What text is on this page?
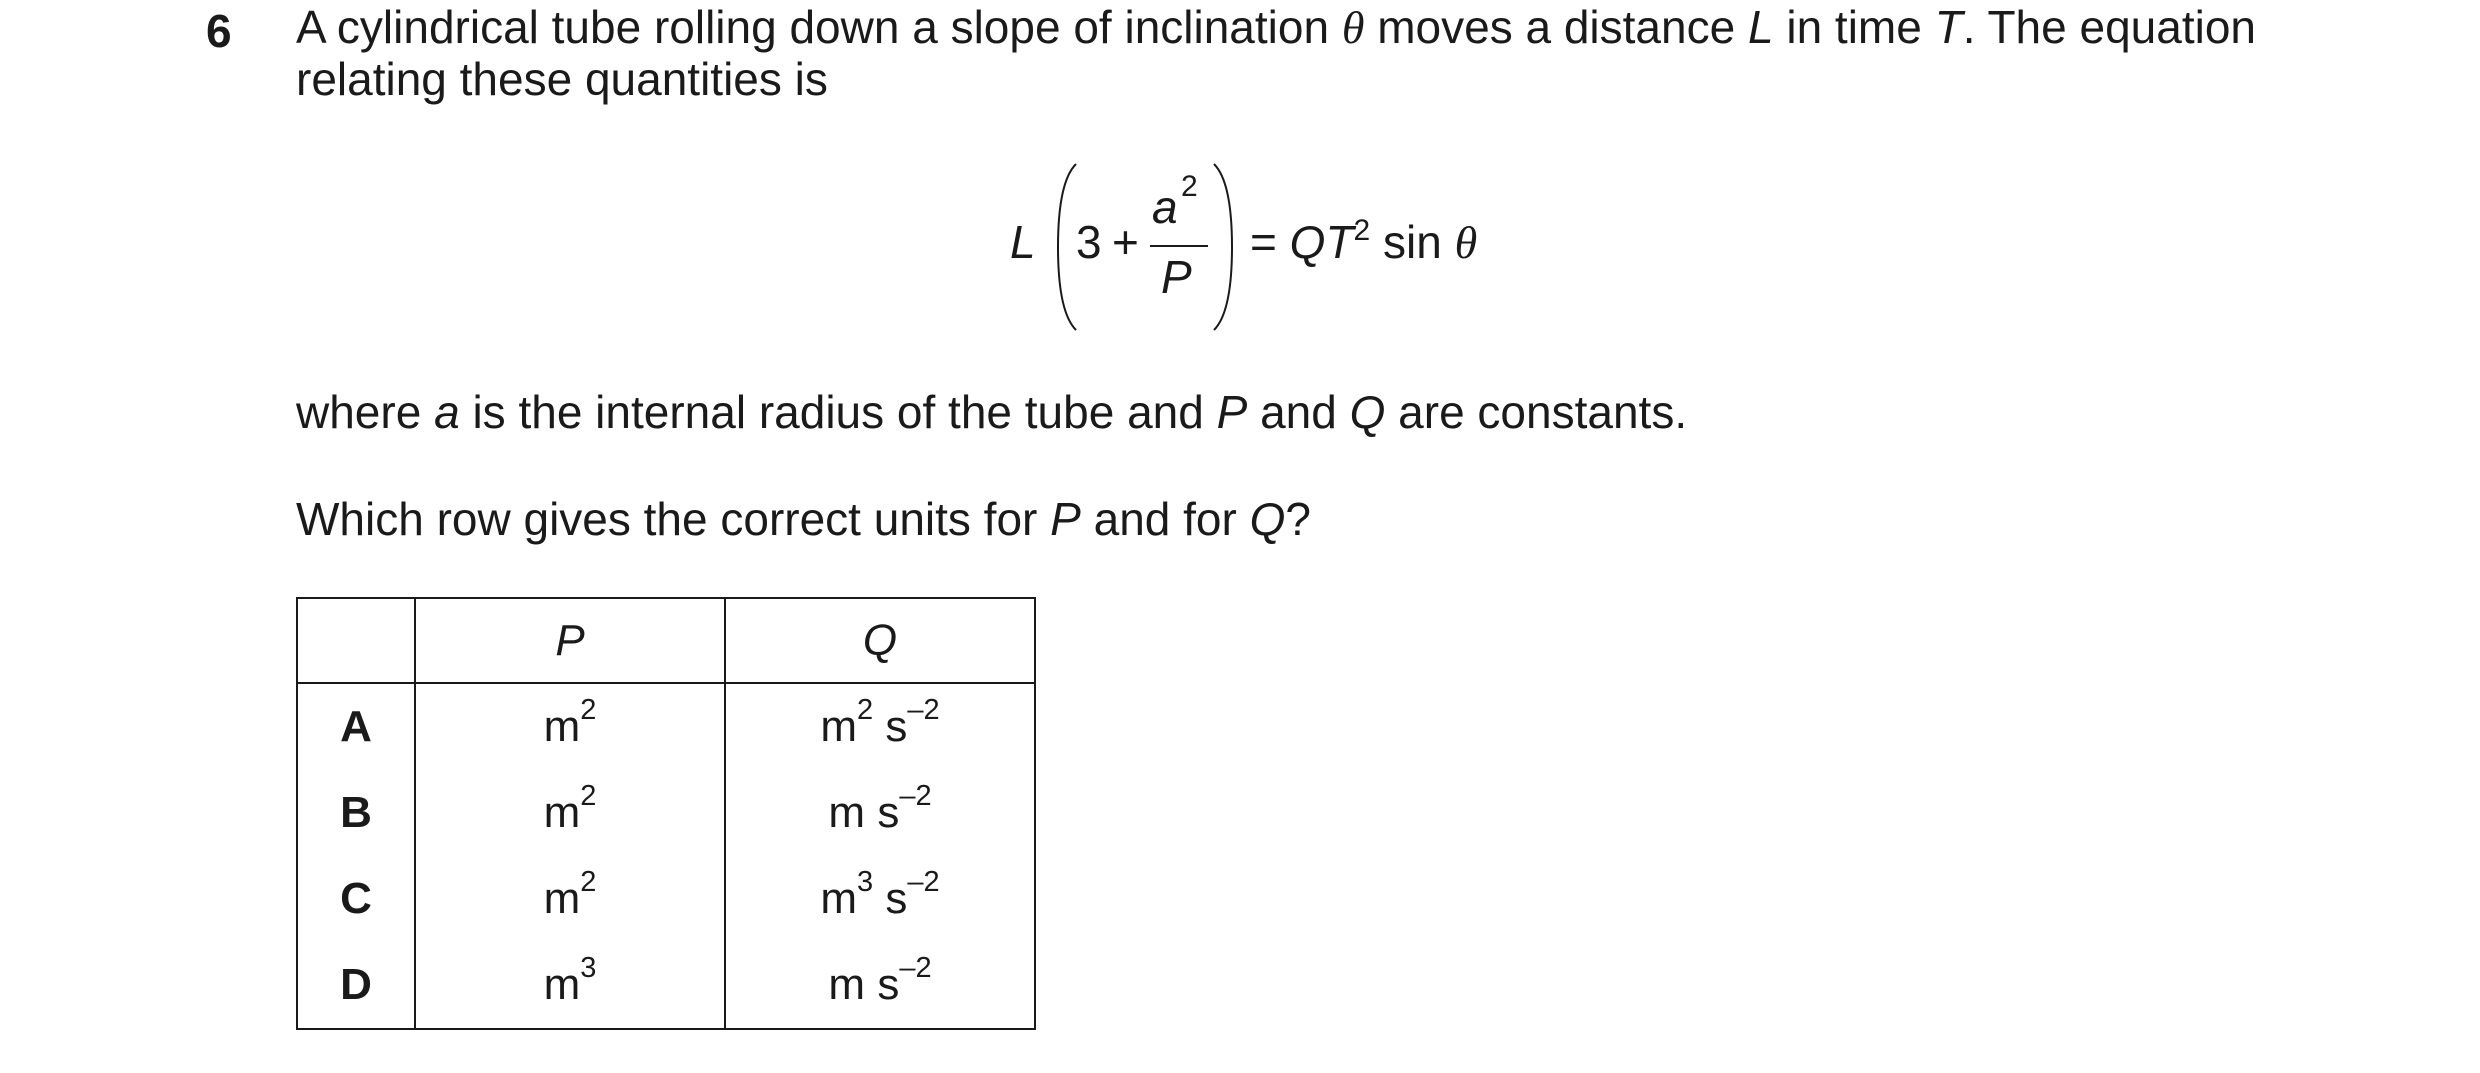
6 A cylindrical tube rolling down a slope of inclination θ moves a distance L in time T. The equation
relating these quantities is
L 3 +
a 2
P
= $QT^2$ sin θ
where a is the internal radius of the tube and P and Q are constants.
Which row gives the correct units for P and for Q?
	P	Q
A	$m^2$	$m^2$ $s^{-2}$
B	$m^2$	m $s^{-2}$
C	$m^2$	$m^3$ $s^{-2}$
D	$m^3$	m $s^{-2}$
